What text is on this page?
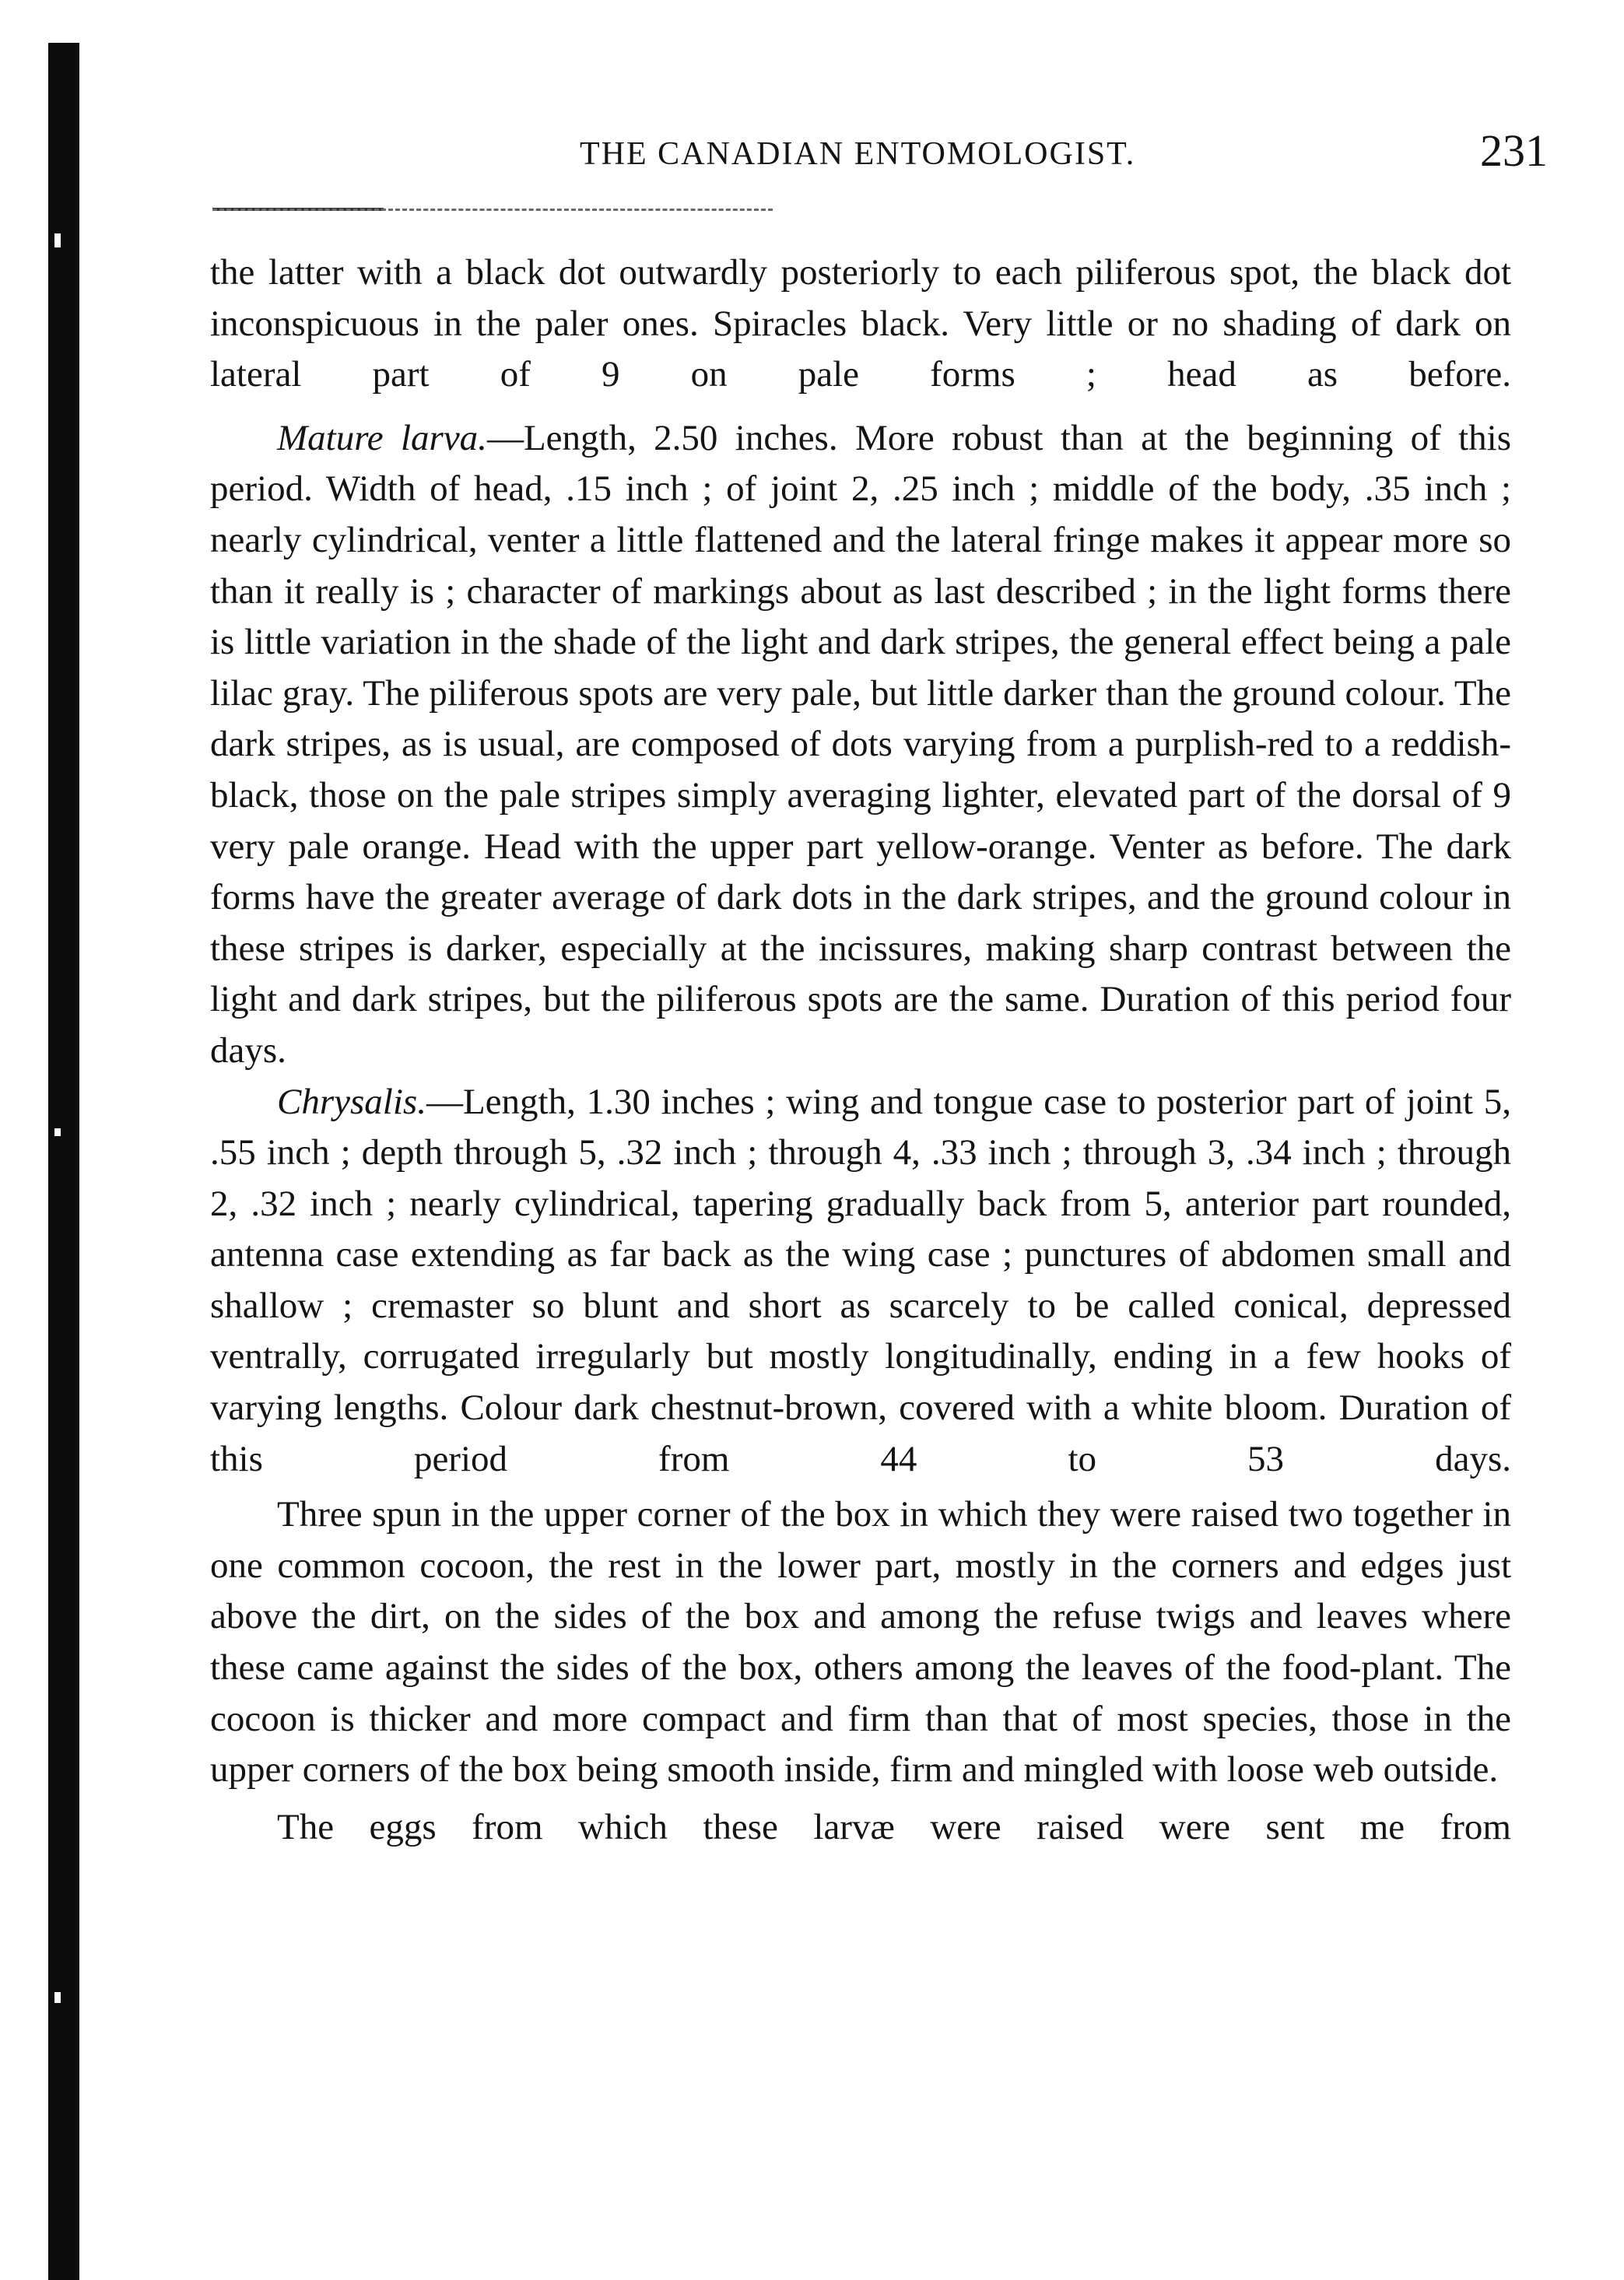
THE CANADIAN ENTOMOLOGIST.	231

the latter with a black dot outwardly posteriorly to each piliferous spot, the black dot inconspicuous in the paler ones. Spiracles black. Very little or no shading of dark on lateral part of 9 on pale forms ; head as before.

Mature larva.—Length, 2.50 inches. More robust than at the beginning of this period. Width of head, .15 inch ; of joint 2, .25 inch ; middle of the body, .35 inch ; nearly cylindrical, venter a little flattened and the lateral fringe makes it appear more so than it really is ; character of markings about as last described ; in the light forms there is little variation in the shade of the light and dark stripes, the general effect being a pale lilac gray. The piliferous spots are very pale, but little darker than the ground colour. The dark stripes, as is usual, are composed of dots varying from a purplish-red to a reddish-black, those on the pale stripes simply averaging lighter, elevated part of the dorsal of 9 very pale orange. Head with the upper part yellow-orange. Venter as before. The dark forms have the greater average of dark dots in the dark stripes, and the ground colour in these stripes is darker, especially at the incissures, making sharp contrast between the light and dark stripes, but the piliferous spots are the same. Duration of this period four days.

Chrysalis.—Length, 1.30 inches ; wing and tongue case to posterior part of joint 5, .55 inch ; depth through 5, .32 inch ; through 4, .33 inch ; through 3, .34 inch ; through 2, .32 inch ; nearly cylindrical, tapering gradually back from 5, anterior part rounded, antenna case extending as far back as the wing case ; punctures of abdomen small and shallow ; cremaster so blunt and short as scarcely to be called conical, depressed ventrally, corrugated irregularly but mostly longitudinally, ending in a few hooks of varying lengths. Colour dark chestnut-brown, covered with a white bloom. Duration of this period from 44 to 53 days.

Three spun in the upper corner of the box in which they were raised two together in one common cocoon, the rest in the lower part, mostly in the corners and edges just above the dirt, on the sides of the box and among the refuse twigs and leaves where these came against the sides of the box, others among the leaves of the food-plant. The cocoon is thicker and more compact and firm than that of most species, those in the upper corners of the box being smooth inside, firm and mingled with loose web outside.

The eggs from which these larvæ were raised were sent me from
